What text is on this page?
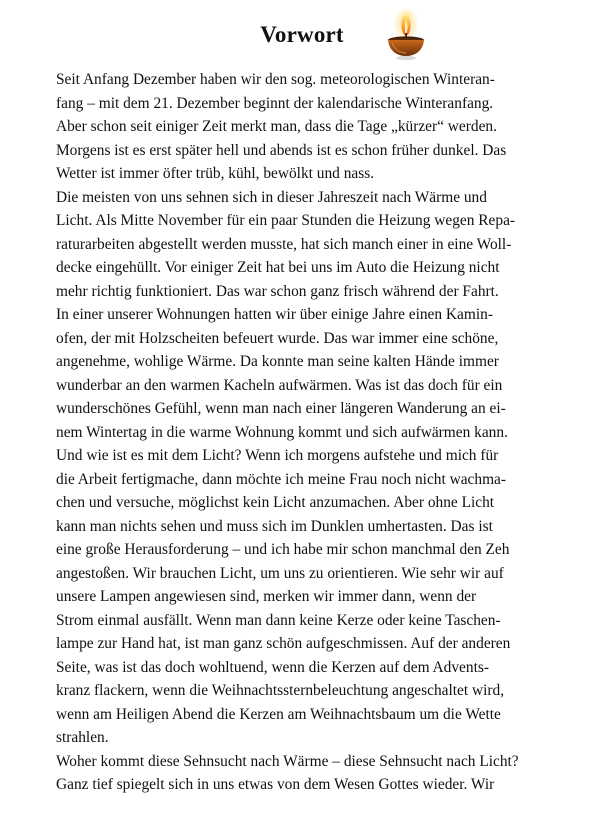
Vorwort
Seit Anfang Dezember haben wir den sog. meteorologischen Winteran-
fang – mit dem 21. Dezember beginnt der kalendarische Winteranfang.
Aber schon seit einiger Zeit merkt man, dass die Tage „kürzer“ werden.
Morgens ist es erst später hell und abends ist es schon früher dunkel. Das
Wetter ist immer öfter trüb, kühl, bewölkt und nass.
Die meisten von uns sehnen sich in dieser Jahreszeit nach Wärme und
Licht. Als Mitte November für ein paar Stunden die Heizung wegen Repa-
raturarbeiten abgestellt werden musste, hat sich manch einer in eine Woll-
decke eingehüllt. Vor einiger Zeit hat bei uns im Auto die Heizung nicht
mehr richtig funktioniert. Das war schon ganz frisch während der Fahrt.
In einer unserer Wohnungen hatten wir über einige Jahre einen Kamin-
ofen, der mit Holzscheiten befeuert wurde. Das war immer eine schöne,
angenehme, wohlige Wärme. Da konnte man seine kalten Hände immer
wunderbar an den warmen Kacheln aufwärmen. Was ist das doch für ein
wunderschönes Gefühl, wenn man nach einer längeren Wanderung an ei-
nem Wintertag in die warme Wohnung kommt und sich aufwärmen kann.
Und wie ist es mit dem Licht? Wenn ich morgens aufstehe und mich für
die Arbeit fertigmache, dann möchte ich meine Frau noch nicht wachma-
chen und versuche, möglichst kein Licht anzumachen. Aber ohne Licht
kann man nichts sehen und muss sich im Dunklen umhertasten. Das ist
eine große Herausforderung – und ich habe mir schon manchmal den Zeh
angestoßen. Wir brauchen Licht, um uns zu orientieren. Wie sehr wir auf
unsere Lampen angewiesen sind, merken wir immer dann, wenn der
Strom einmal ausfällt. Wenn man dann keine Kerze oder keine Taschen-
lampe zur Hand hat, ist man ganz schön aufgeschmissen. Auf der anderen
Seite, was ist das doch wohltuend, wenn die Kerzen auf dem Advents-
kranz flackern, wenn die Weihnachtssternbeleuchtung angeschaltet wird,
wenn am Heiligen Abend die Kerzen am Weihnachtsbaum um die Wette
strahlen.
Woher kommt diese Sehnsucht nach Wärme – diese Sehnsucht nach Licht?
Ganz tief spiegelt sich in uns etwas von dem Wesen Gottes wieder. Wir
